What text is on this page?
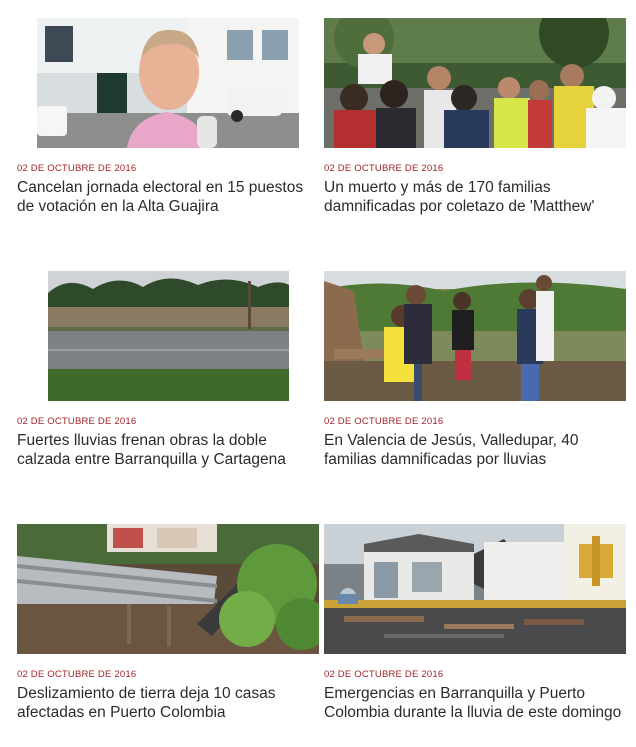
02 DE OCTUBRE DE 2016
Cancelan jornada electoral en 15 puestos de votación en la Alta Guajira
02 DE OCTUBRE DE 2016
Un muerto y más de 170 familias damnificadas por coletazo de 'Matthew'
02 DE OCTUBRE DE 2016
Fuertes lluvias frenan obras la doble calzada entre Barranquilla y Cartagena
02 DE OCTUBRE DE 2016
En Valencia de Jesús, Valledupar, 40 familias damnificadas por lluvias
02 DE OCTUBRE DE 2016
Deslizamiento de tierra deja 10 casas afectadas en Puerto Colombia
02 DE OCTUBRE DE 2016
Emergencias en Barranquilla y Puerto Colombia durante la lluvia de este domingo
